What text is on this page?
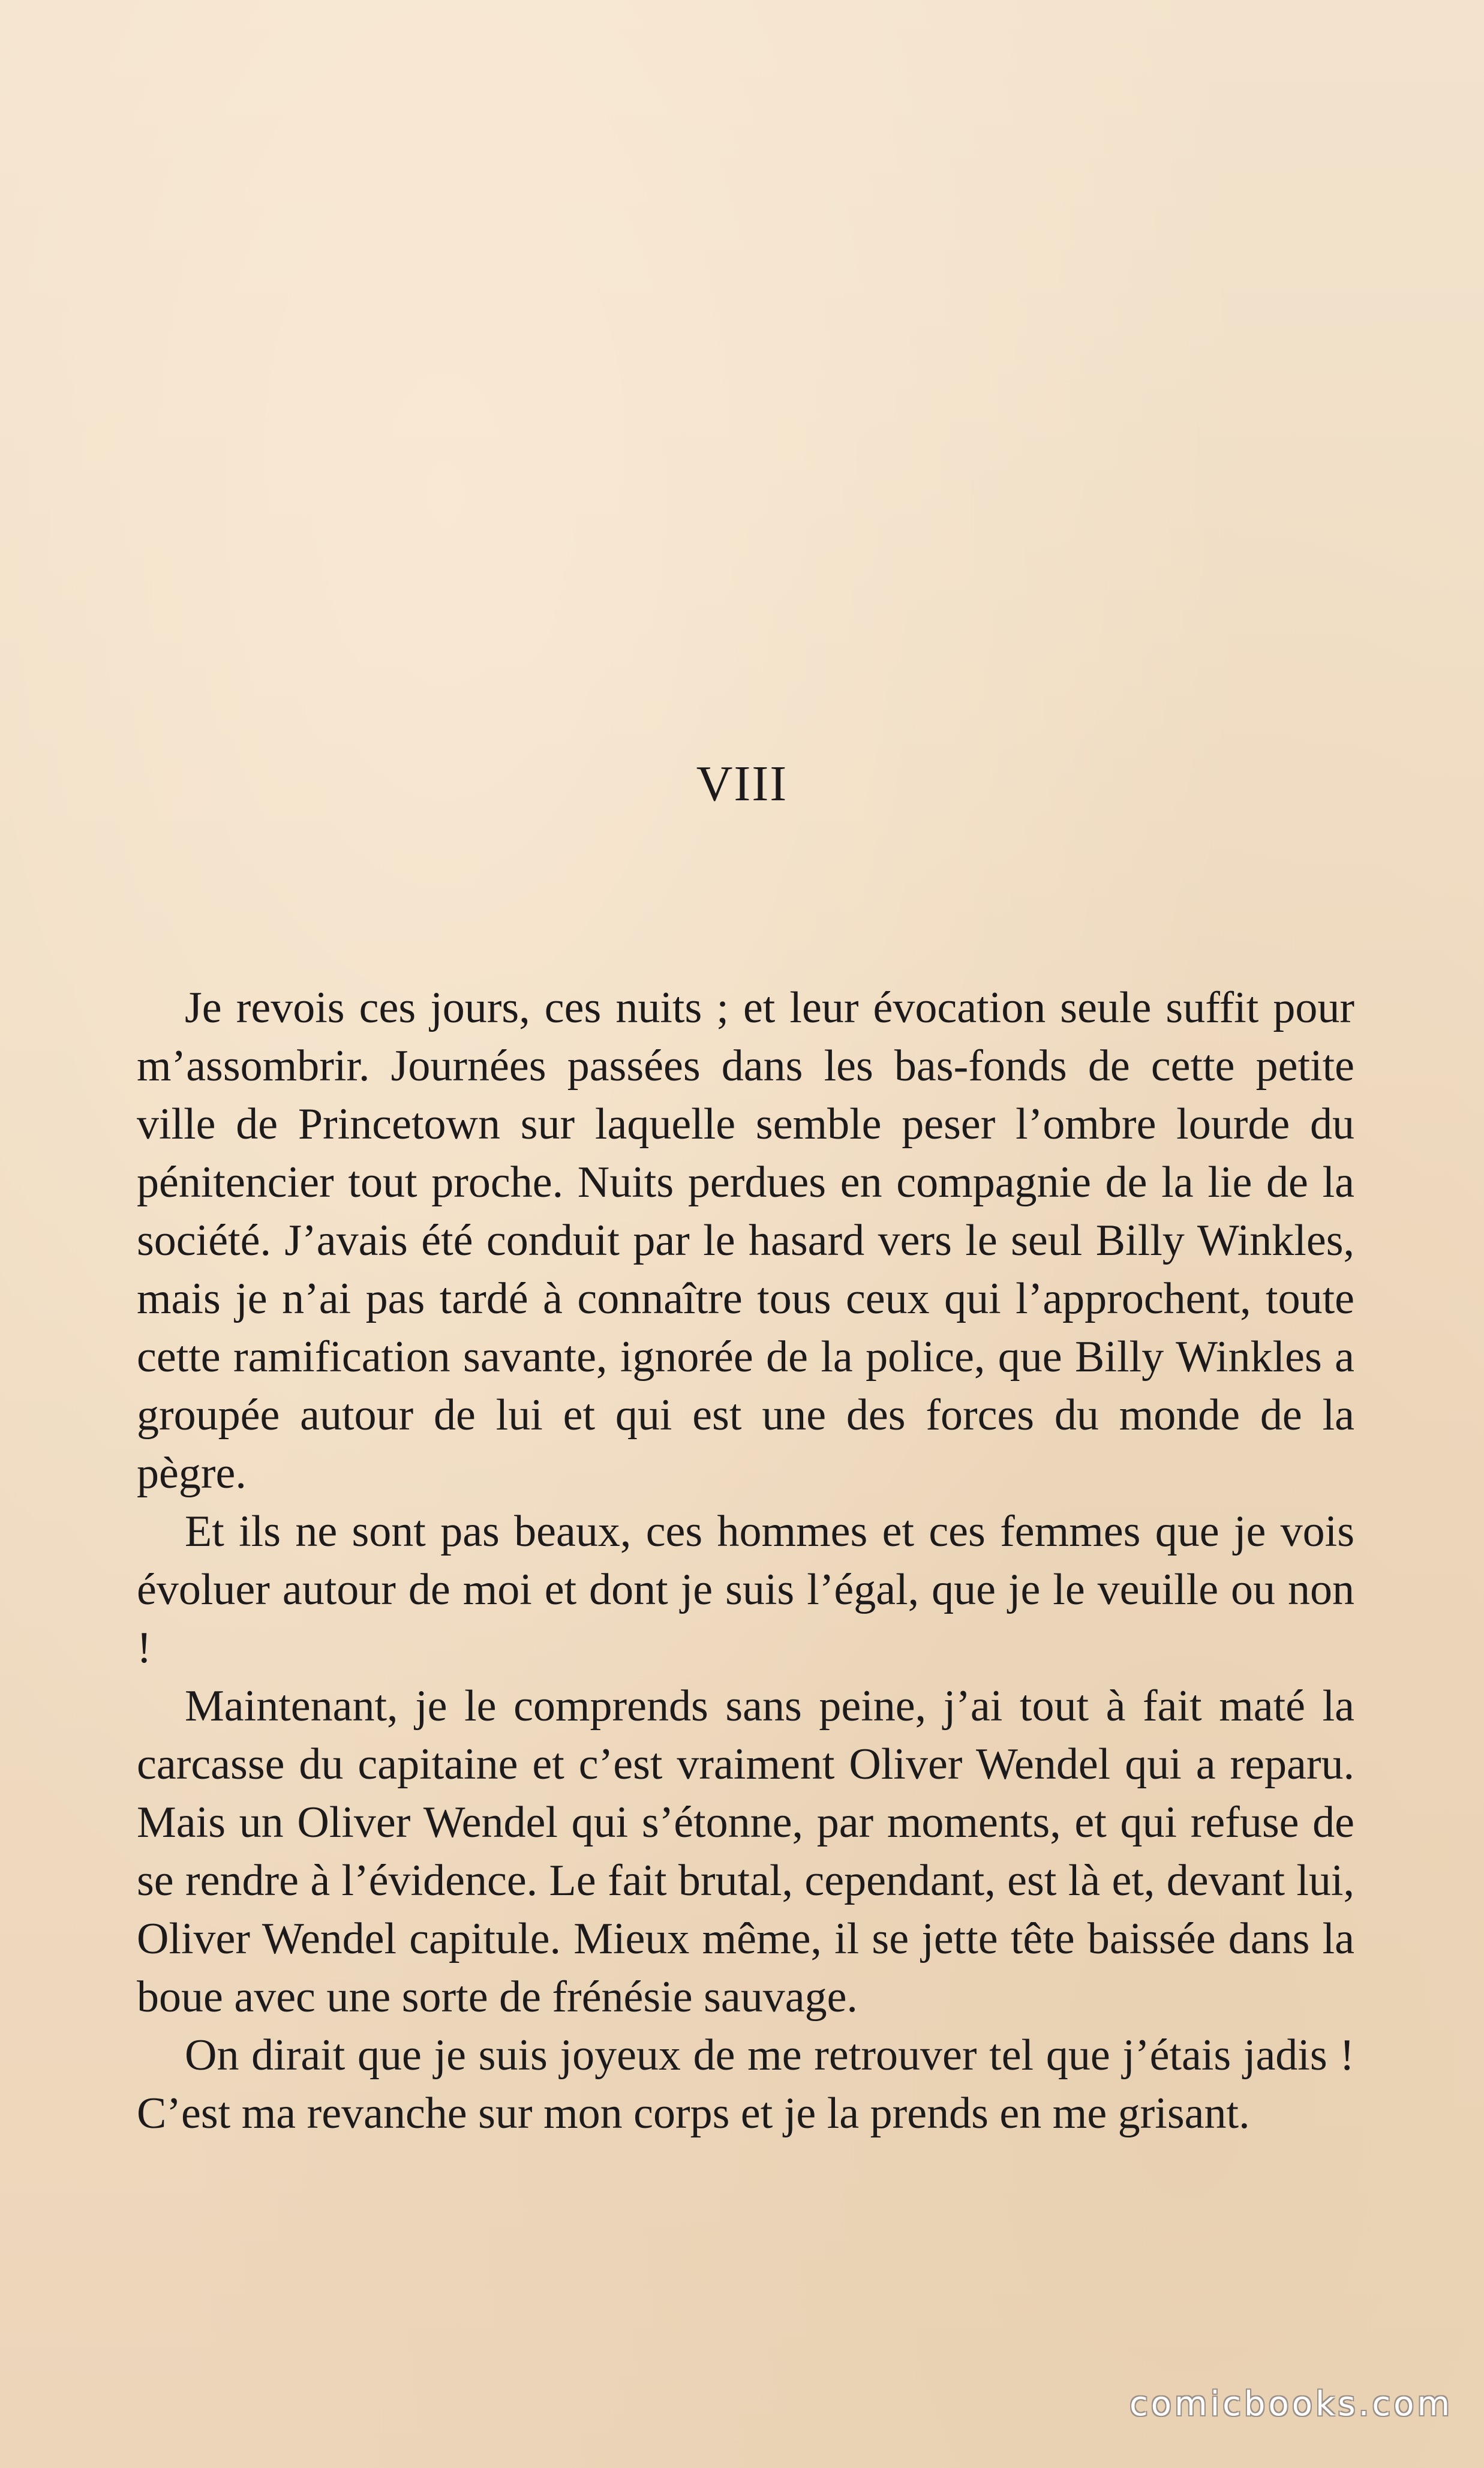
VIII

Je revois ces jours, ces nuits ; et leur évocation seule suffit pour m’assombrir. Journées passées dans les bas-fonds de cette petite ville de Princetown sur laquelle semble peser l’ombre lourde du pénitencier tout proche. Nuits perdues en compagnie de la lie de la société. J’avais été conduit par le hasard vers le seul Billy Winkles, mais je n’ai pas tardé à connaître tous ceux qui l’approchent, toute cette ramification savante, ignorée de la police, que Billy Winkles a groupée autour de lui et qui est une des forces du monde de la pègre.

Et ils ne sont pas beaux, ces hommes et ces femmes que je vois évoluer autour de moi et dont je suis l’égal, que je le veuille ou non !

Maintenant, je le comprends sans peine, j’ai tout à fait maté la carcasse du capitaine et c’est vraiment Oliver Wendel qui a reparu. Mais un Oliver Wendel qui s’étonne, par moments, et qui refuse de se rendre à l’évidence. Le fait brutal, cependant, est là et, devant lui, Oliver Wendel capitule. Mieux même, il se jette tête baissée dans la boue avec une sorte de frénésie sauvage.

On dirait que je suis joyeux de me retrouver tel que j’étais jadis ! C’est ma revanche sur mon corps et je la prends en me grisant.

comicbooks.com
